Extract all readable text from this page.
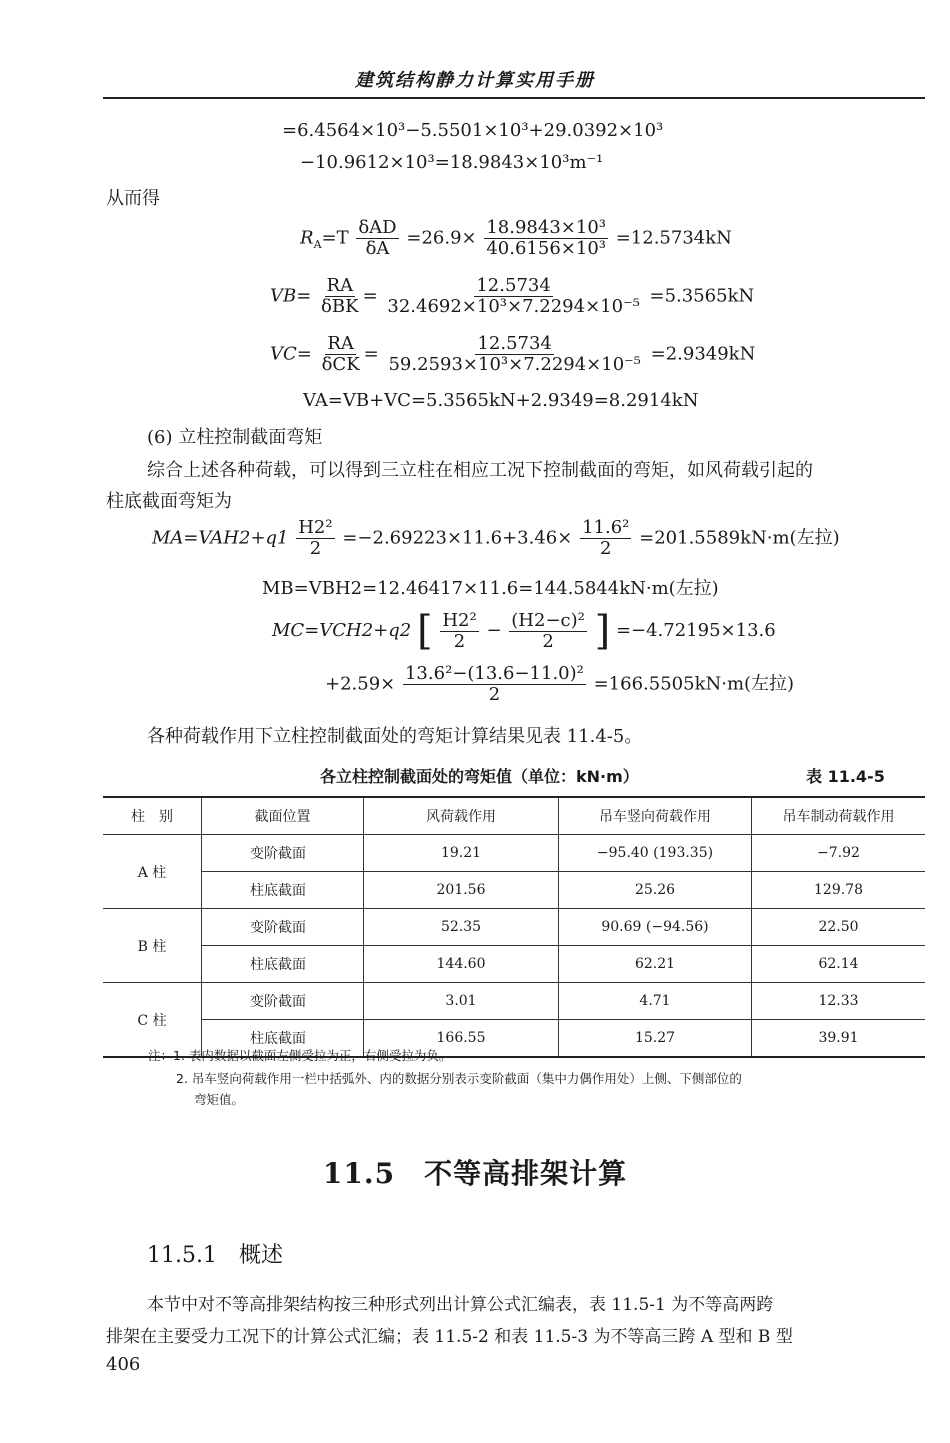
建筑结构静力计算实用手册
=6.4564×10³−5.5501×10³+29.0392×10³
−10.9612×10³=18.9843×10³m⁻¹
从而得
$R_A=T \frac{\text{δAD}}{\delta A} =26.9\times \frac{\text{18.9843×10³}}{\text{40.6156×10³}} =12.5734kN$
$VB= \frac{RA}{\text{δBK}} = \frac{12.5734}{\text{32.4692×10³×7.2294×10⁻⁵}} =5.3565kN$
$VC= \frac{RA}{\text{δCK}} = \frac{12.5734}{\text{59.2593×10³×7.2294×10⁻⁵}} =2.9349kN$
VA=VB+VC=5.3565kN+2.9349=8.2914kN
(6) 立柱控制截面弯矩
综合上述各种荷载，可以得到三立柱在相应工况下控制截面的弯矩，如风荷载引起的
柱底截面弯矩为
$MA=VAH2+q1 \frac{\text{H2²}}{2} =-2.69223\times 11.6+3.46\times \frac{\text{11.6²}}{2} =201.5589kN\cdot m$(左拉)
MB=VBH2=12.46417×11.6=144.5844kN·m(左拉)
MC=VCH2+q2 [ $\frac{\text{H2²}}{2} - \frac{\text{(H2−c)²}}{2}$ ] =−4.72195×13.6
$+2.59\times \frac{\text{13.6²−(13.6−11.0)²}}{2} =166.5505kN\cdot m$(左拉)
各种荷载作用下立柱控制截面处的弯矩计算结果见表 11.4-5。
各立柱控制截面处的弯矩值（单位：kN·m）	表 11.4-5
柱　别	截面位置	风荷载作用	吊车竖向荷载作用	吊车制动荷载作用
A 柱	变阶截面	19.21	−95.40 (193.35)	−7.92
	柱底截面	201.56	25.26	129.78
B 柱	变阶截面	52.35	90.69 (−94.56)	22.50
	柱底截面	144.60	62.21	62.14
C 柱	变阶截面	3.01	4.71	12.33
	柱底截面	166.55	15.27	39.91
注：1. 表内数据以截面左侧受拉为正，右侧受拉为负。
2. 吊车竖向荷载作用一栏中括弧外、内的数据分别表示变阶截面（集中力偶作用处）上侧、下侧部位的
弯矩值。
11.5　不等高排架计算
11.5.1　概述
本节中对不等高排架结构按三种形式列出计算公式汇编表，表 11.5-1 为不等高两跨
排架在主要受力工况下的计算公式汇编；表 11.5-2 和表 11.5-3 为不等高三跨 A 型和 B 型
406
